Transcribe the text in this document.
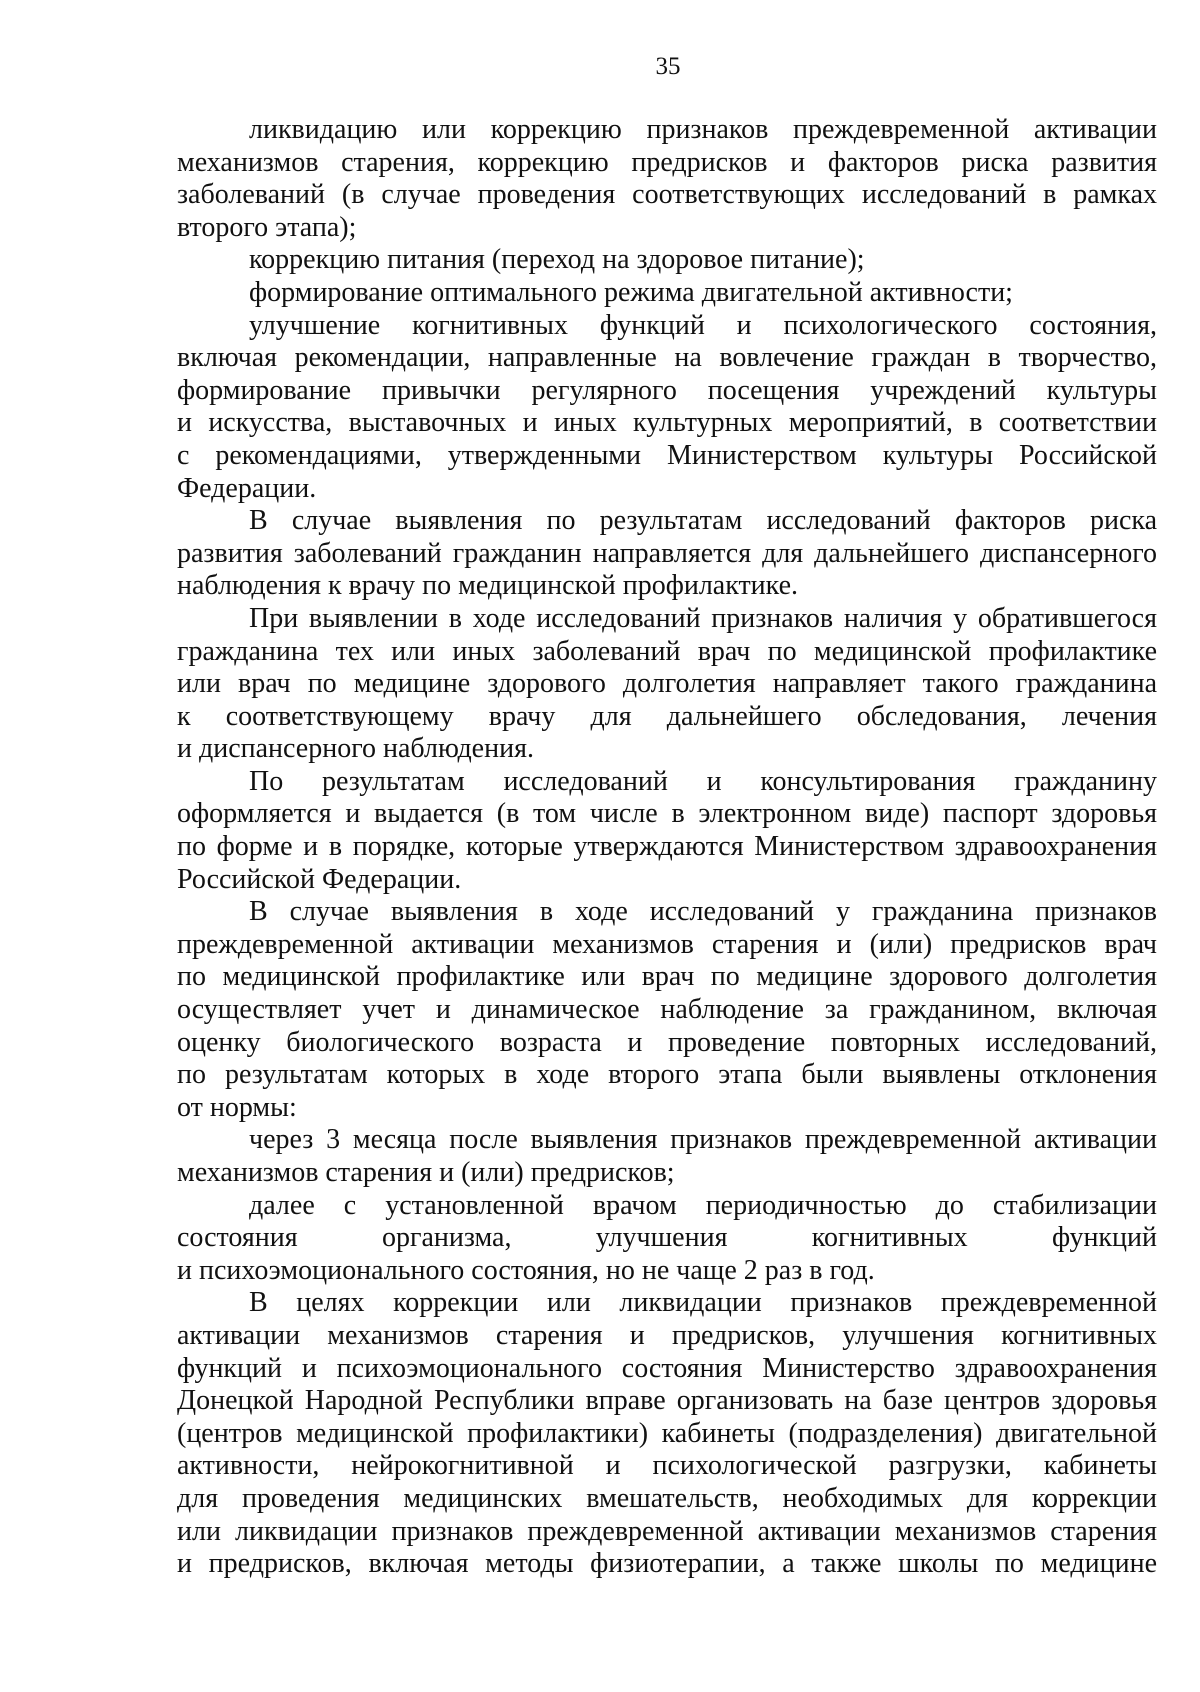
35
ликвидацию или коррекцию признаков преждевременной активации
механизмов старения, коррекцию предрисков и факторов риска развития
заболеваний (в случае проведения соответствующих исследований в рамках
второго этапа);
коррекцию питания (переход на здоровое питание);
формирование оптимального режима двигательной активности;
улучшение когнитивных функций и психологического состояния,
включая рекомендации, направленные на вовлечение граждан в творчество,
формирование привычки регулярного посещения учреждений культуры
и искусства, выставочных и иных культурных мероприятий, в соответствии
с рекомендациями, утвержденными Министерством культуры Российской
Федерации.
В случае выявления по результатам исследований факторов риска
развития заболеваний гражданин направляется для дальнейшего диспансерного
наблюдения к врачу по медицинской профилактике.
При выявлении в ходе исследований признаков наличия у обратившегося
гражданина тех или иных заболеваний врач по медицинской профилактике
или врач по медицине здорового долголетия направляет такого гражданина
к соответствующему врачу для дальнейшего обследования, лечения
и диспансерного наблюдения.
По результатам исследований и консультирования гражданину
оформляется и выдается (в том числе в электронном виде) паспорт здоровья
по форме и в порядке, которые утверждаются Министерством здравоохранения
Российской Федерации.
В случае выявления в ходе исследований у гражданина признаков
преждевременной активации механизмов старения и (или) предрисков врач
по медицинской профилактике или врач по медицине здорового долголетия
осуществляет учет и динамическое наблюдение за гражданином, включая
оценку биологического возраста и проведение повторных исследований,
по результатам которых в ходе второго этапа были выявлены отклонения
от нормы:
через 3 месяца после выявления признаков преждевременной активации
механизмов старения и (или) предрисков;
далее с установленной врачом периодичностью до стабилизации
состояния организма, улучшения когнитивных функций
и психоэмоционального состояния, но не чаще 2 раз в год.
В целях коррекции или ликвидации признаков преждевременной
активации механизмов старения и предрисков, улучшения когнитивных
функций и психоэмоционального состояния Министерство здравоохранения
Донецкой Народной Республики вправе организовать на базе центров здоровья
(центров медицинской профилактики) кабинеты (подразделения) двигательной
активности, нейрокогнитивной и психологической разгрузки, кабинеты
для проведения медицинских вмешательств, необходимых для коррекции
или ликвидации признаков преждевременной активации механизмов старения
и предрисков, включая методы физиотерапии, а также школы по медицине
